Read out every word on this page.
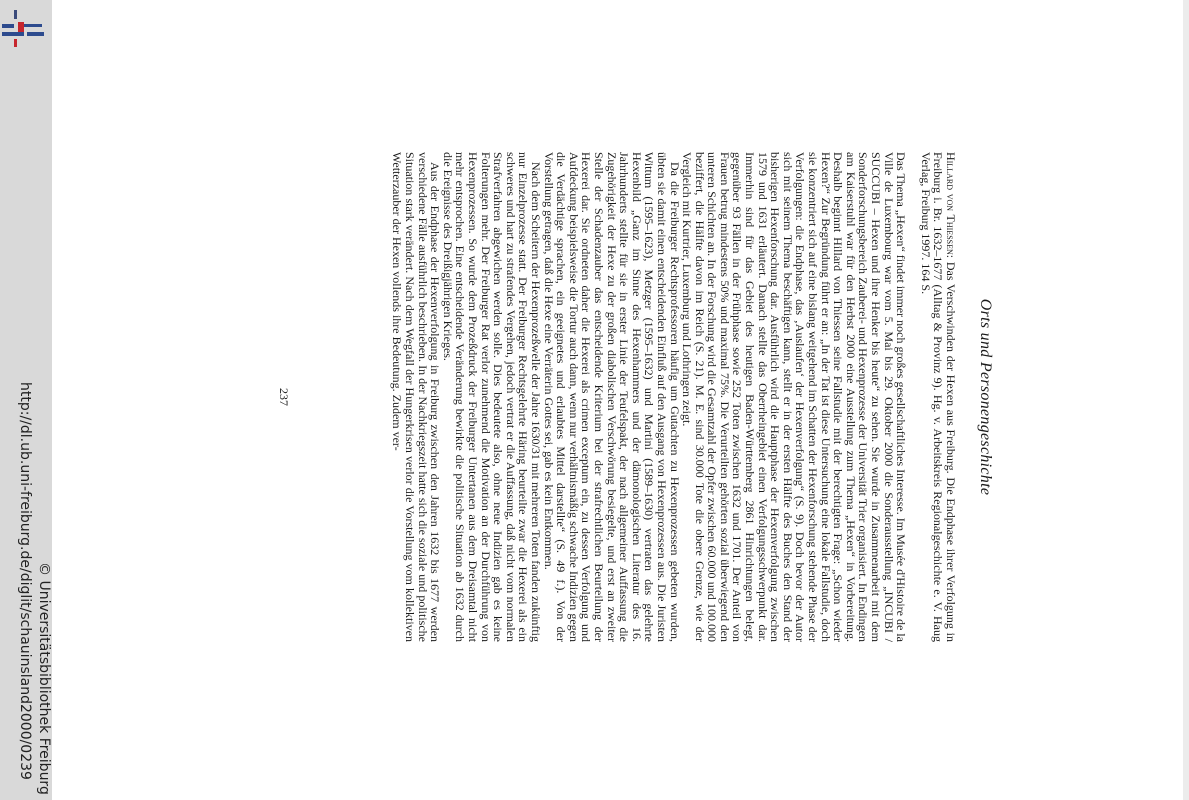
http://dl.ub.uni-freiburg.de/diglit/schauinsland2000/0239 © Universitätsbibliothek Freiburg
Orts und Personengeschichte

Hillard von Thiessen: Das Verschwinden der Hexen aus Freiburg. Die Endphase ihrer Verfolgung in Freiburg i. Br. 1632–1677 (Alltag & Provinz 9). Hg. v. Arbeitskreis Regionalgeschichte e. V. Haug Verlag, Freiburg 1997. 164 S.

Das Thema „Hexen“ findet immer noch großes gesellschaftliches Interesse. Im Musée d'Histoire de la Ville de Luxembourg war vom 5. Mai bis 29. Oktober 2000 die Sonderausstellung „INCUBI / SUCCUBI – Hexen und ihre Henker bis heute“ zu sehen. Sie wurde in Zusammenarbeit mit dem Sonderforschungsbereich Zauberei- und Hexenprozesse der Universität Trier organisiert. In Endingen am Kaiserstuhl war für den Herbst 2000 eine Ausstellung zum Thema „Hexen“ in Vorbereitung. Deshalb beginnt Hillard von Thiessen seine Fallstudie mit der berechtigten Frage: „Schon wieder Hexen?“ Zur Begründung führt er an: „In der Tat ist diese Untersuchung eine lokale Fallstudie, doch sie konzentriert sich auf eine bislang weitgehend im Schatten der Hexenforschung stehende Phase der Verfolgungen: die Endphase, das ‚Auslaufen‘ der Hexenverfolgung“ (S. 9). Doch bevor der Autor sich mit seinem Thema beschäftigen kann, stellt er in der ersten Hälfte des Buches den Stand der bisherigen Hexenforschung dar. Ausführlich wird die Hauptphase der Hexenverfolgung zwischen 1579 und 1631 erläutert. Danach stellte das Oberrheingebiet einen Verfolgungsschwerpunkt dar. Immerhin sind für das Gebiet des heutigen Baden-Württemberg 2861 Hinrichtungen belegt, gegenüber 93 Fällen in der Frühphase sowie 252 Toten zwischen 1632 und 1701. Der Anteil von Frauen betrug mindestens 50% und maximal 75%. Die Verurteilten gehörten sozial überwiegend den unteren Schichten an. In der Forschung wird die Gesamtzahl der Opfer zwischen 60.000 und 100.000 beziffert, die Hälfte davon im Reich (S. 21). M. E. sind 30.000 Tote die obere Grenze, wie der Vergleich mit Kurtrier, Luxemburg und Lothringen zeigt.

Da die Freiburger Rechtsprofessoren häufig um Gutachten zu Hexenprozessen gebeten wurden, übten sie damit einen entscheidenden Einfluß auf den Ausgang von Hexenprozessen aus. Die Juristen Wittum (1595–1623), Metzger (1595–1632) und Martini (1589–1630) vertraten das gelehrte Hexenbild „Ganz im Sinne des Hexenhammers und der dämonologischen Literatur des 16. Jahrhunderts stellte für sie in erster Linie der Teufelspakt, der nach allgemeiner Auffassung die Zugehörigkeit der Hexe zu der großen diabolischen Verschwörung besiegelte, und erst an zweiter Stelle der Schadenzauber das entscheidende Kriterium bei der strafrechtlichen Beurteilung der Hexerei dar. Sie ordneten daher die Hexerei als crimen exceptum ein, zu dessen Verfolgung und Aufdeckung beispielsweise die Tortur auch dann, wenn nur verhältnismäßig schwache Indizien gegen die Verdächtige sprachen, ein geeignetes und erlaubtes Mittel darstellte“ (S. 49 f.). Von der Vorstellung getragen, daß die Hexe eine Verräterin Gottes sei, gab es kein Entkommen.

Nach dem Scheitern der Hexenprozeßwelle der Jahre 1630/31 mit mehreren Toten fanden zukünftig nur Einzelprozesse statt. Der Freiburger Rechtsgelehrte Häring beurteilte zwar die Hexerei als ein schweres und hart zu strafendes Vergehen, jedoch vertrat er die Auffassung, daß nicht vom normalen Strafverfahren abgewichen werden solle. Dies bedeutete also, ohne neue Indizien gab es keine Folterungen mehr. Der Freiburger Rat verlor zunehmend die Motivation an der Durchführung von Hexenprozessen. So wurde dem Prozeßdruck der Freiburger Untertanen aus dem Dreisamtal nicht mehr entsprochen. Eine entscheidende Veränderung bewirkte die politische Situation ab 1632 durch die Ereignisse des Dreißigjährigen Krieges.

Aus der Endphase der Hexenverfolgung in Freiburg zwischen den Jahren 1632 bis 1677 werden verschiedene Fälle ausführlich beschrieben. In der Nachkriegszeit hatte sich die soziale und politische Situation stark verändert. Nach dem Wegfall der Hungerkrisen verlor die Vorstellung vom kollektiven Wetterzauber der Hexen vollends ihre Bedeutung. Zudem ver-

237
